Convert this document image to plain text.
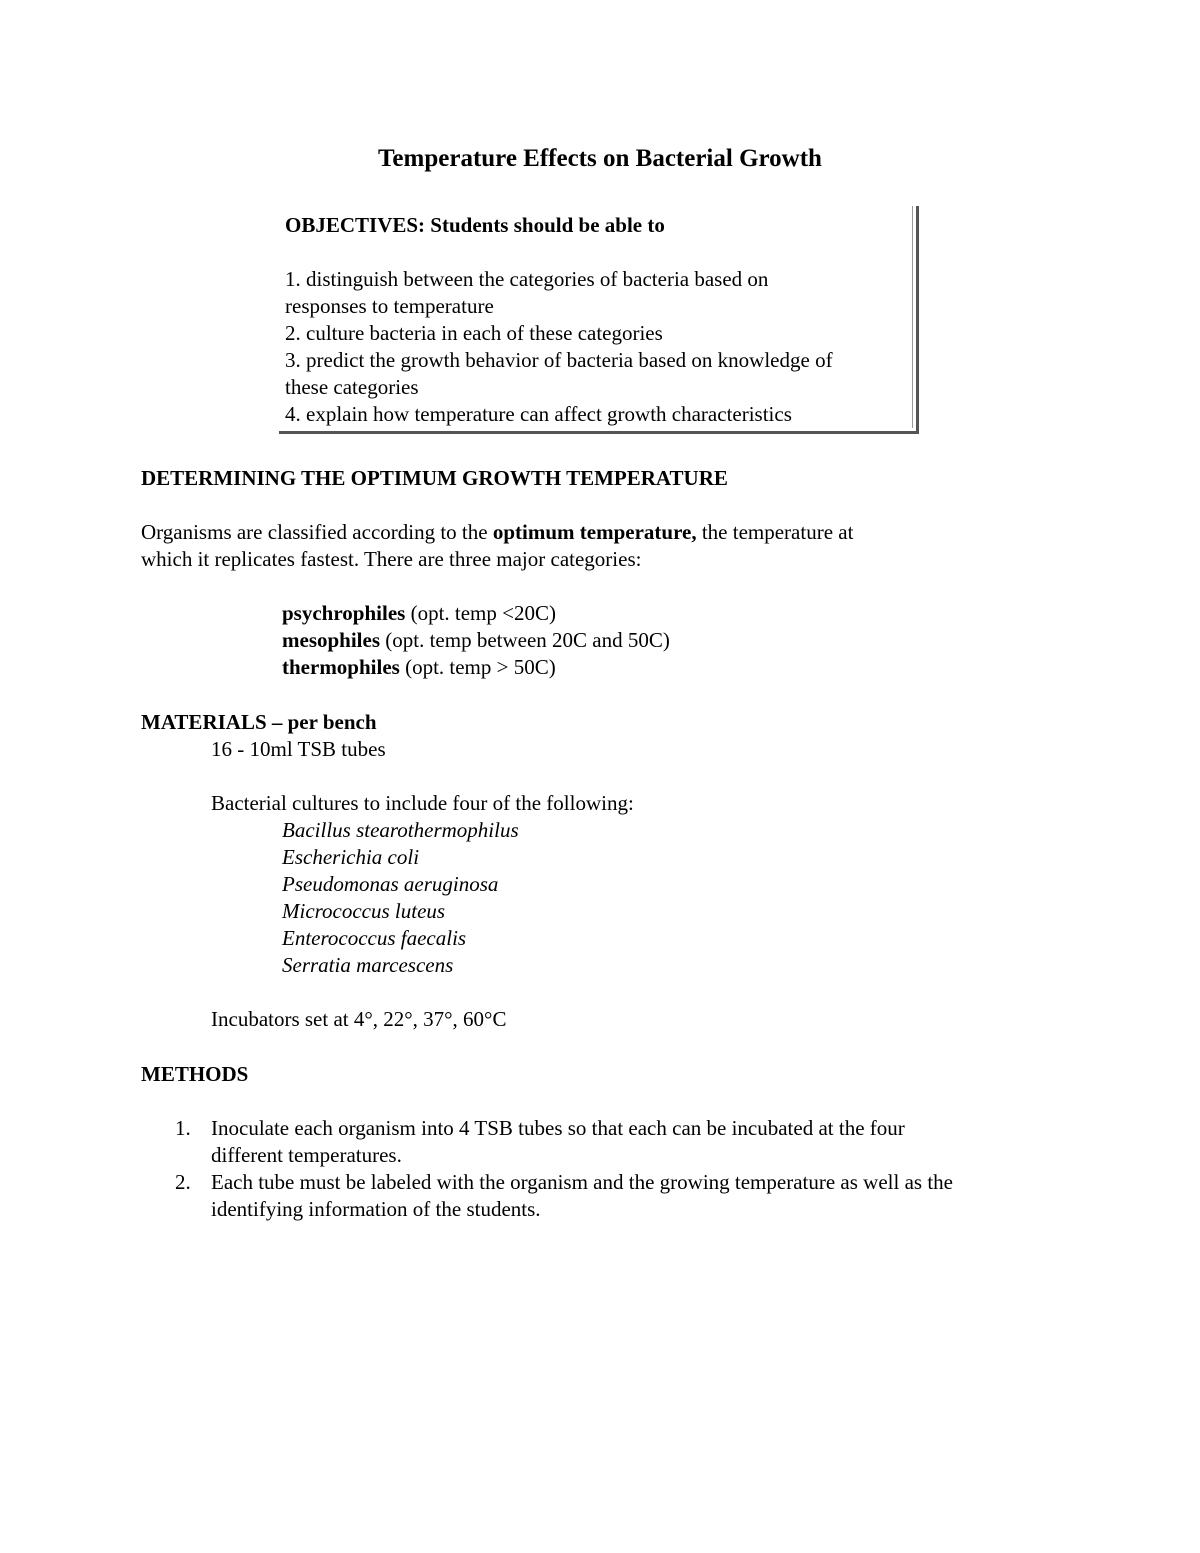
Temperature Effects on Bacterial Growth
OBJECTIVES: Students should be able to
1. distinguish between the categories of bacteria based on
responses to temperature
2. culture bacteria in each of these categories
3. predict the growth behavior of bacteria based on knowledge of
these categories
4. explain how temperature can affect growth characteristics
DETERMINING THE OPTIMUM GROWTH TEMPERATURE
Organisms are classified according to the optimum temperature, the temperature at
which it replicates fastest. There are three major categories:
psychrophiles (opt. temp <20C)
mesophiles (opt. temp between 20C and 50C)
thermophiles (opt. temp > 50C)
MATERIALS – per bench
16 - 10ml TSB tubes
Bacterial cultures to include four of the following:
Bacillus stearothermophilus
Escherichia coli
Pseudomonas aeruginosa
Micrococcus luteus
Enterococcus faecalis
Serratia marcescens
Incubators set at 4°, 22°, 37°, 60°C
METHODS
1. Inoculate each organism into 4 TSB tubes so that each can be incubated at the four
different temperatures.
2. Each tube must be labeled with the organism and the growing temperature as well as the
identifying information of the students.
